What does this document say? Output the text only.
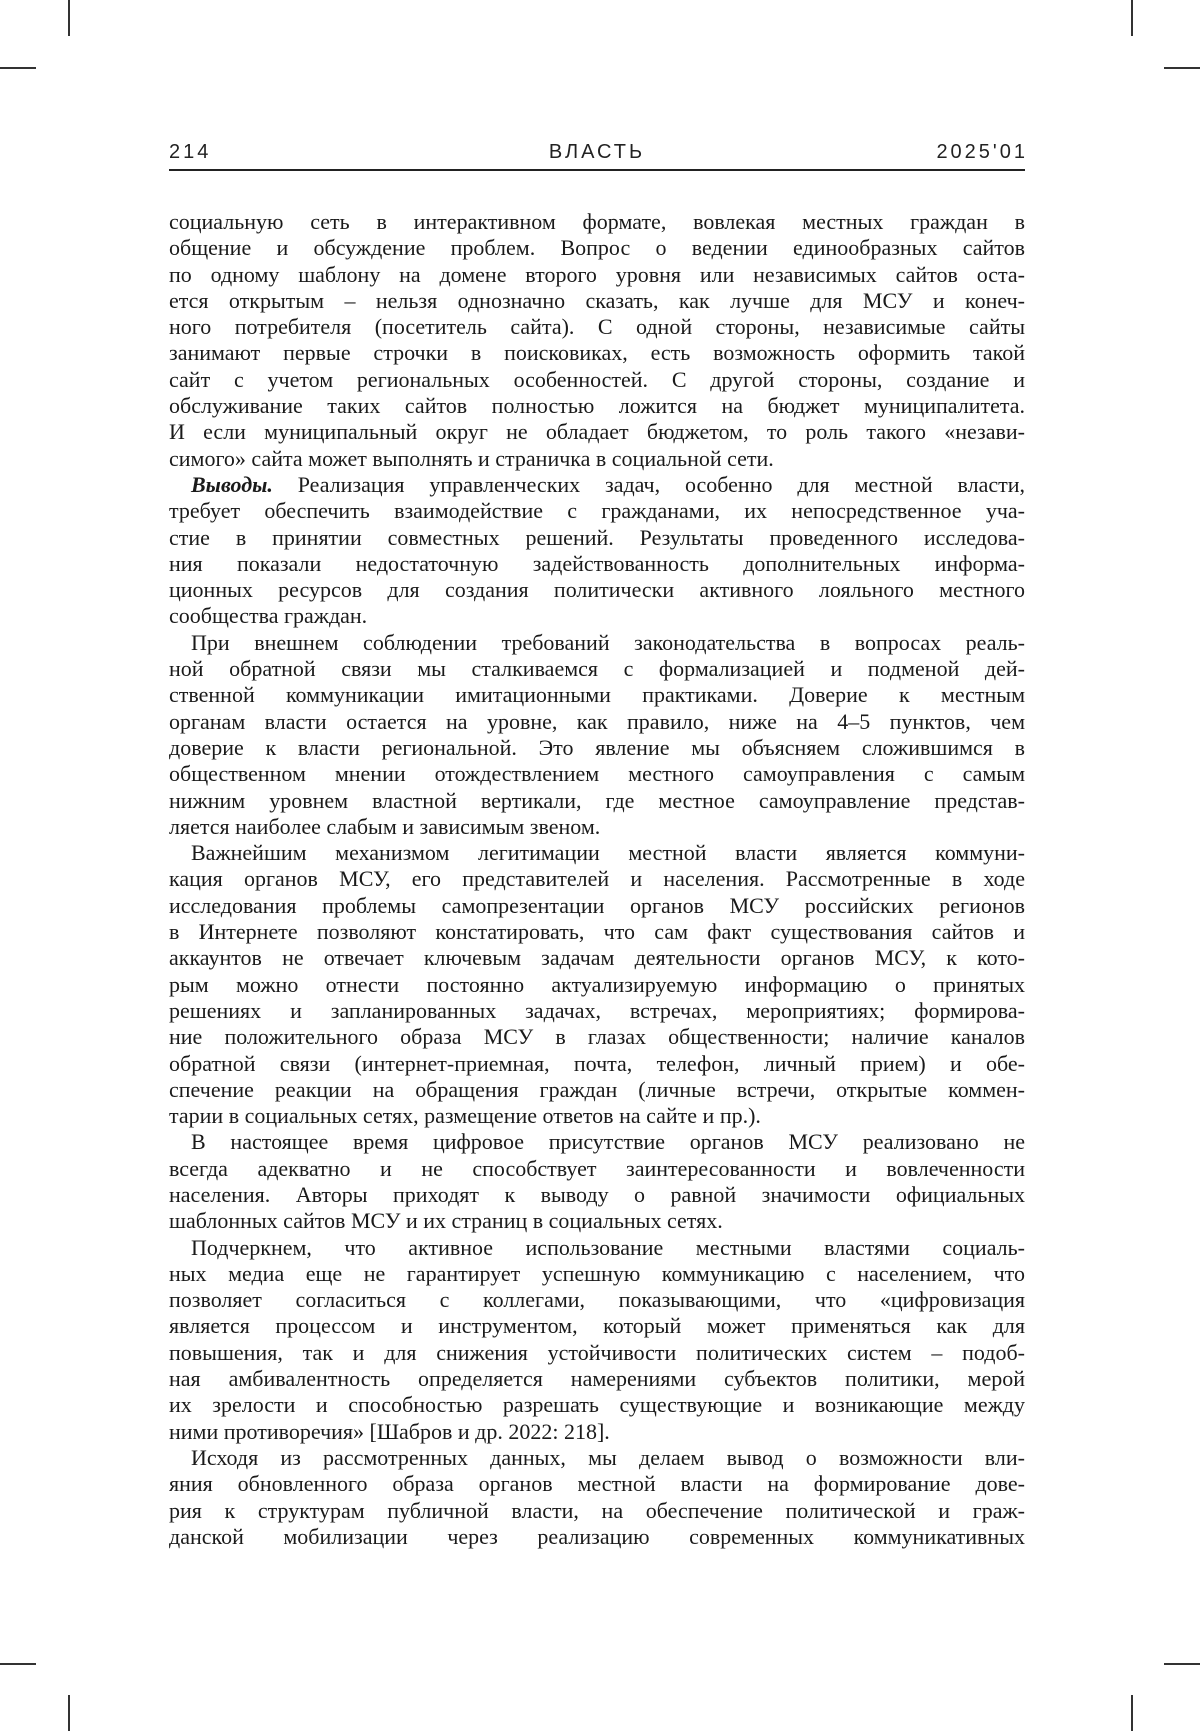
214	ВЛАСТЬ	2025'01
социальную сеть в интерактивном формате, вовлекая местных граждан в
общение и обсуждение проблем. Вопрос о ведении единообразных сайтов
по одному шаблону на домене второго уровня или независимых сайтов оста-
ется открытым – нельзя однозначно сказать, как лучше для МСУ и конеч-
ного потребителя (посетитель сайта). С одной стороны, независимые сайты
занимают первые строчки в поисковиках, есть возможность оформить такой
сайт с учетом региональных особенностей. С другой стороны, создание и
обслуживание таких сайтов полностью ложится на бюджет муниципалитета.
И если муниципальный округ не обладает бюджетом, то роль такого «незави-
симого» сайта может выполнять и страничка в социальной сети.
Выводы. Реализация управленческих задач, особенно для местной власти,
требует обеспечить взаимодействие с гражданами, их непосредственное уча-
стие в принятии совместных решений. Результаты проведенного исследова-
ния показали недостаточную задействованность дополнительных информа-
ционных ресурсов для создания политически активного лояльного местного
сообщества граждан.
При внешнем соблюдении требований законодательства в вопросах реаль-
ной обратной связи мы сталкиваемся с формализацией и подменой дей-
ственной коммуникации имитационными практиками. Доверие к местным
органам власти остается на уровне, как правило, ниже на 4–5 пунктов, чем
доверие к власти региональной. Это явление мы объясняем сложившимся в
общественном мнении отождествлением местного самоуправления с самым
нижним уровнем властной вертикали, где местное самоуправление представ-
ляется наиболее слабым и зависимым звеном.
Важнейшим механизмом легитимации местной власти является коммуни-
кация органов МСУ, его представителей и населения. Рассмотренные в ходе
исследования проблемы самопрезентации органов МСУ российских регионов
в Интернете позволяют констатировать, что сам факт существования сайтов и
аккаунтов не отвечает ключевым задачам деятельности органов МСУ, к кото-
рым можно отнести постоянно актуализируемую информацию о принятых
решениях и запланированных задачах, встречах, мероприятиях; формирова-
ние положительного образа МСУ в глазах общественности; наличие каналов
обратной связи (интернет-приемная, почта, телефон, личный прием) и обе-
спечение реакции на обращения граждан (личные встречи, открытые коммен-
тарии в социальных сетях, размещение ответов на сайте и пр.).
В настоящее время цифровое присутствие органов МСУ реализовано не
всегда адекватно и не способствует заинтересованности и вовлеченности
населения. Авторы приходят к выводу о равной значимости официальных
шаблонных сайтов МСУ и их страниц в социальных сетях.
Подчеркнем, что активное использование местными властями социаль-
ных медиа еще не гарантирует успешную коммуникацию с населением, что
позволяет согласиться с коллегами, показывающими, что «цифровизация
является процессом и инструментом, который может применяться как для
повышения, так и для снижения устойчивости политических систем – подоб-
ная амбивалентность определяется намерениями субъектов политики, мерой
их зрелости и способностью разрешать существующие и возникающие между
ними противоречия» [Шабров и др. 2022: 218].
Исходя из рассмотренных данных, мы делаем вывод о возможности вли-
яния обновленного образа органов местной власти на формирование дове-
рия к структурам публичной власти, на обеспечение политической и граж-
данской мобилизации через реализацию современных коммуникативных
